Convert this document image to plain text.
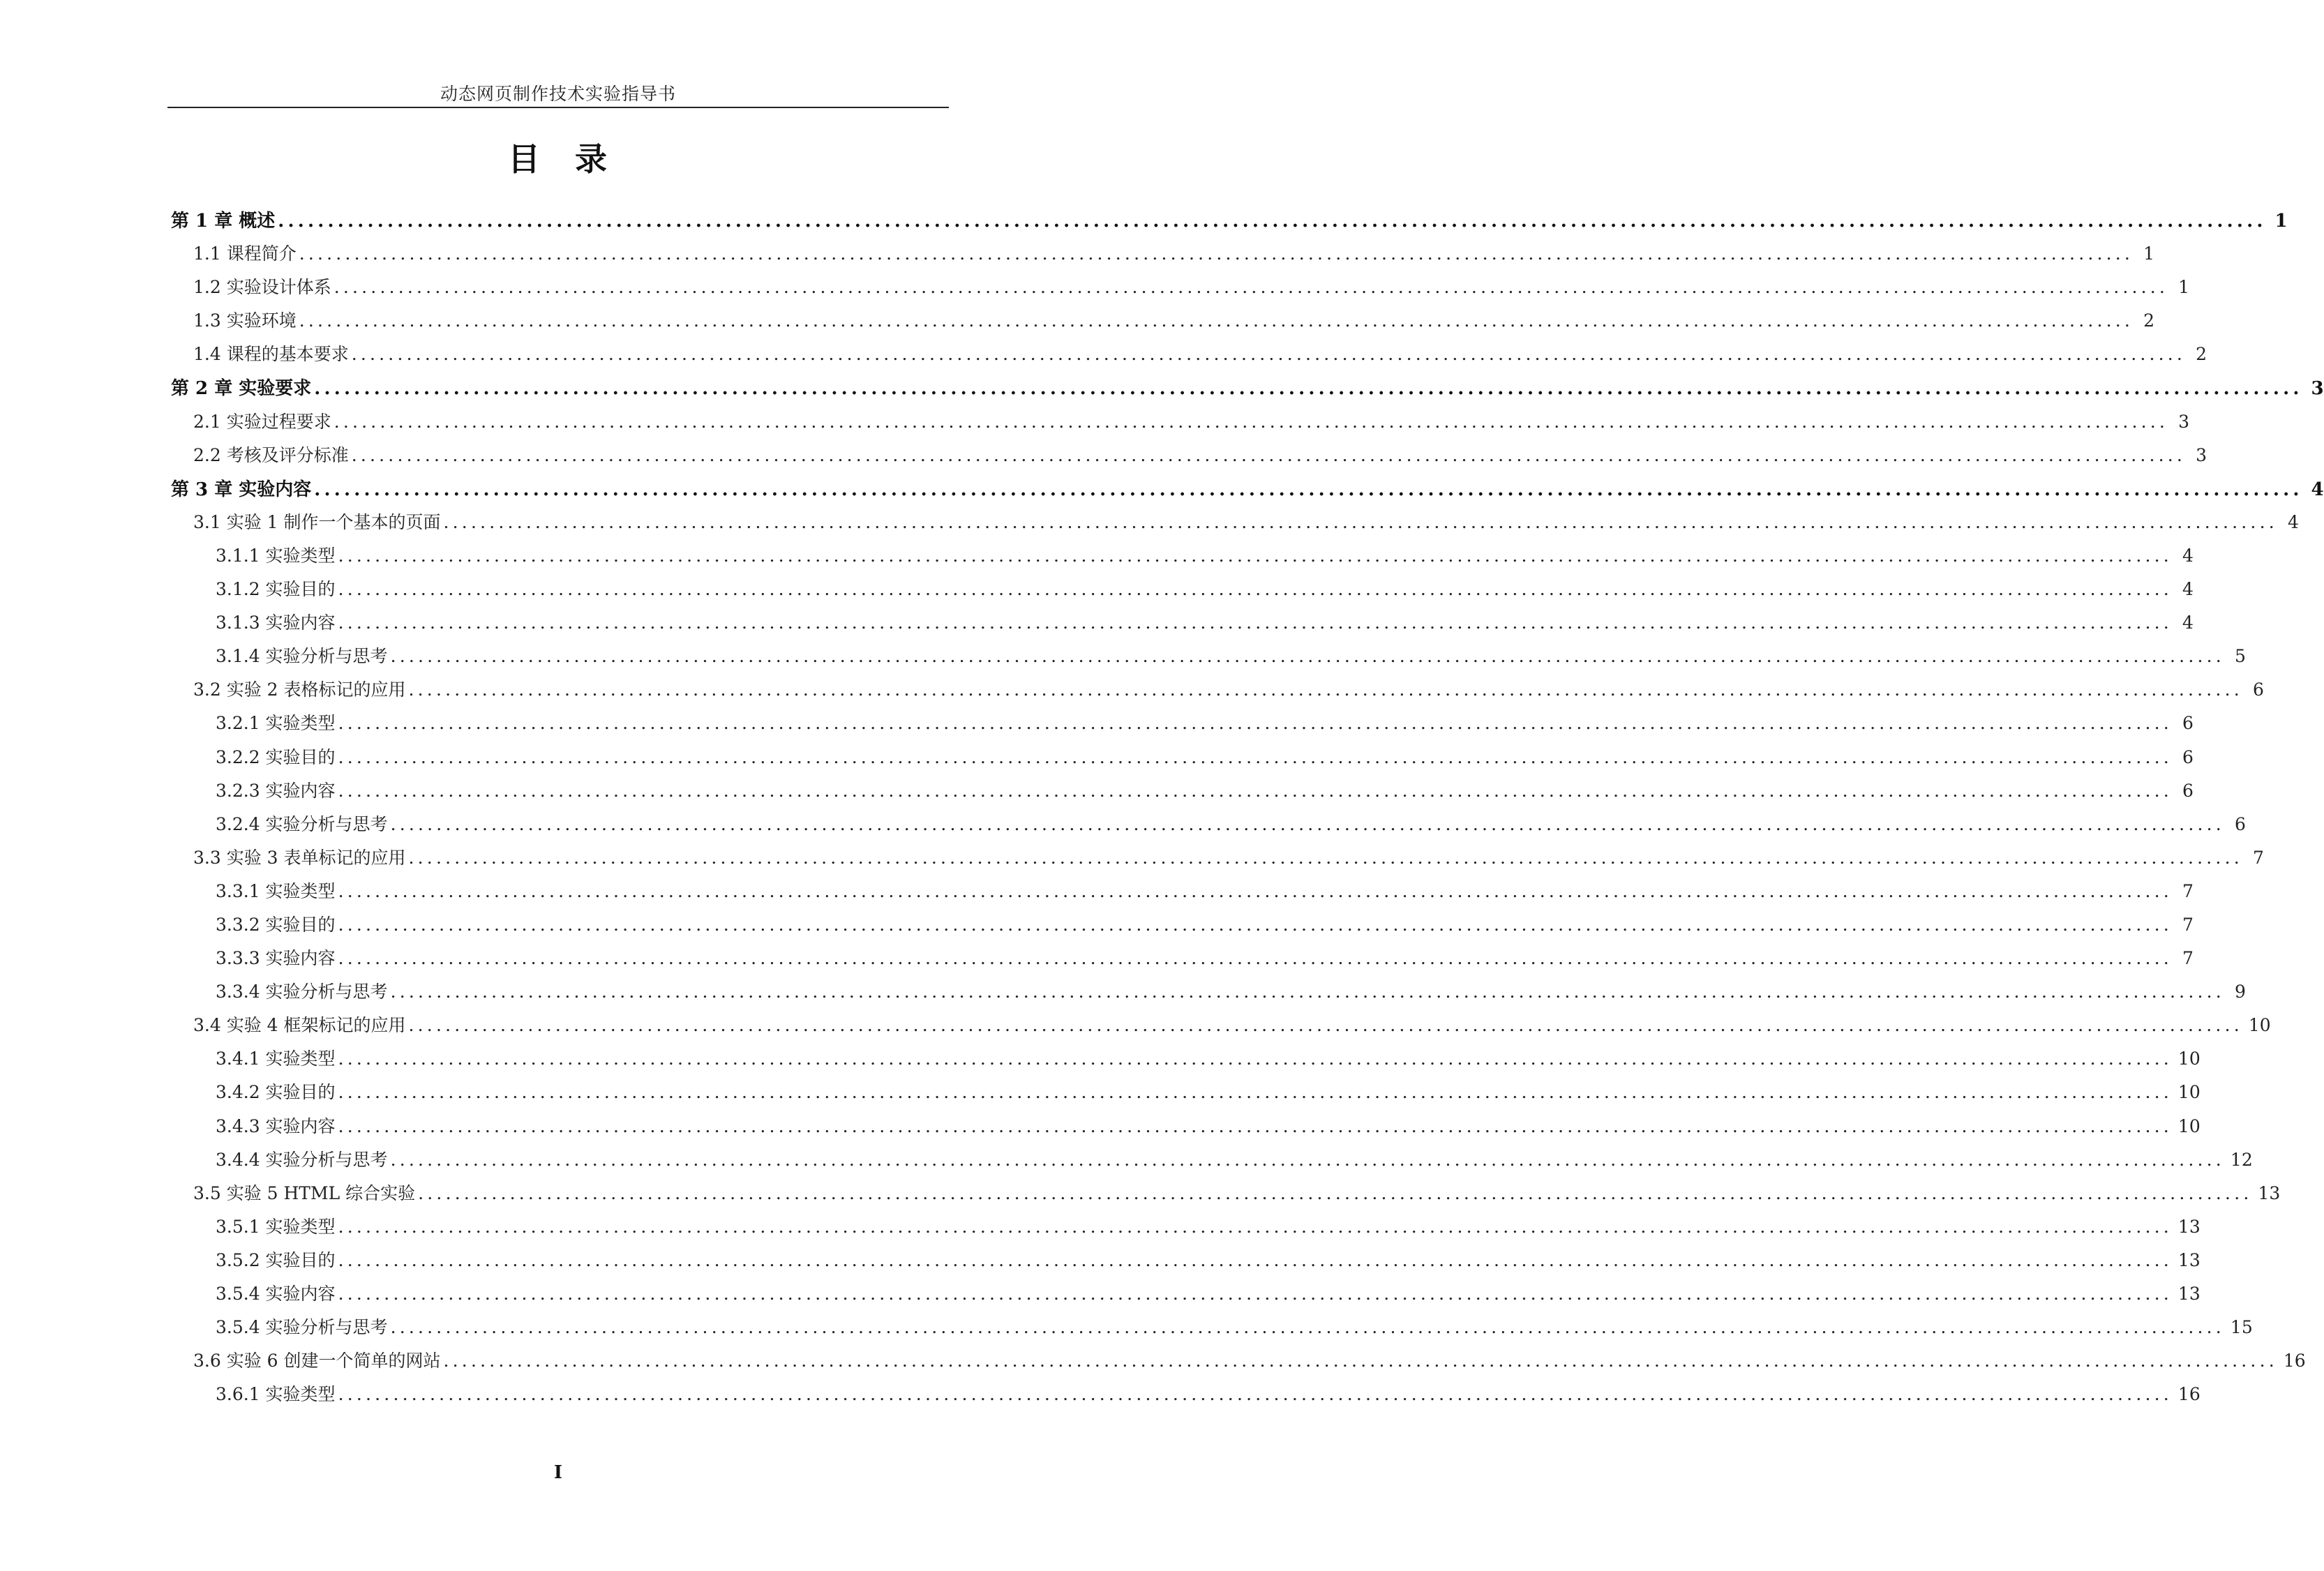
动态网页制作技术实验指导书
目　录
第 1 章 概述 ........................................................................................................................................................................................................ 1
1.1 课程简介 ........................................................................................................................................................................................................ 1
1.2 实验设计体系 ........................................................................................................................................................................................................ 1
1.3 实验环境 ........................................................................................................................................................................................................ 2
1.4 课程的基本要求 ........................................................................................................................................................................................................ 2
第 2 章 实验要求 ........................................................................................................................................................................................................ 3
2.1 实验过程要求 ........................................................................................................................................................................................................ 3
2.2 考核及评分标准 ........................................................................................................................................................................................................ 3
第 3 章 实验内容 ........................................................................................................................................................................................................ 4
3.1 实验 1 制作一个基本的页面 ........................................................................................................................................................................................................ 4
3.1.1 实验类型 ........................................................................................................................................................................................................ 4
3.1.2 实验目的 ........................................................................................................................................................................................................ 4
3.1.3 实验内容 ........................................................................................................................................................................................................ 4
3.1.4 实验分析与思考 ........................................................................................................................................................................................................ 5
3.2 实验 2 表格标记的应用 ........................................................................................................................................................................................................ 6
3.2.1 实验类型 ........................................................................................................................................................................................................ 6
3.2.2 实验目的 ........................................................................................................................................................................................................ 6
3.2.3 实验内容 ........................................................................................................................................................................................................ 6
3.2.4 实验分析与思考 ........................................................................................................................................................................................................ 6
3.3 实验 3 表单标记的应用 ........................................................................................................................................................................................................ 7
3.3.1 实验类型 ........................................................................................................................................................................................................ 7
3.3.2 实验目的 ........................................................................................................................................................................................................ 7
3.3.3 实验内容 ........................................................................................................................................................................................................ 7
3.3.4 实验分析与思考 ........................................................................................................................................................................................................ 9
3.4 实验 4 框架标记的应用 ........................................................................................................................................................................................................ 10
3.4.1 实验类型 ........................................................................................................................................................................................................ 10
3.4.2 实验目的 ........................................................................................................................................................................................................ 10
3.4.3 实验内容 ........................................................................................................................................................................................................ 10
3.4.4 实验分析与思考 ........................................................................................................................................................................................................ 12
3.5 实验 5 HTML 综合实验 ........................................................................................................................................................................................................ 13
3.5.1 实验类型 ........................................................................................................................................................................................................ 13
3.5.2 实验目的 ........................................................................................................................................................................................................ 13
3.5.4 实验内容 ........................................................................................................................................................................................................ 13
3.5.4 实验分析与思考 ........................................................................................................................................................................................................ 15
3.6 实验 6 创建一个简单的网站 ........................................................................................................................................................................................................ 16
3.6.1 实验类型 ........................................................................................................................................................................................................ 16
I
